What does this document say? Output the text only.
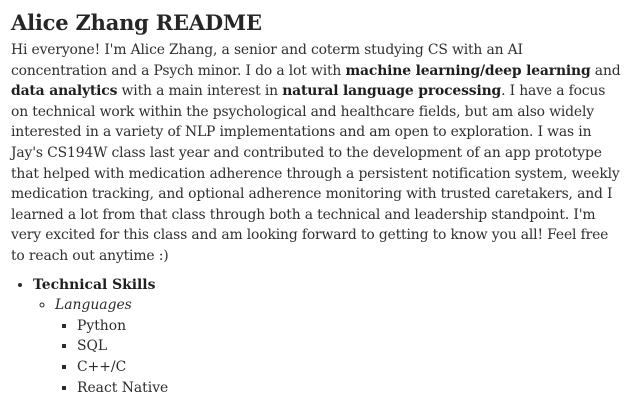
Alice Zhang README

Hi everyone! I'm Alice Zhang, a senior and coterm studying CS with an AI concentration and a Psych minor. I do a lot with machine learning/deep learning and data analytics with a main interest in natural language processing. I have a focus on technical work within the psychological and healthcare fields, but am also widely interested in a variety of NLP implementations and am open to exploration. I was in Jay's CS194W class last year and contributed to the development of an app prototype that helped with medication adherence through a persistent notification system, weekly medication tracking, and optional adherence monitoring with trusted caretakers, and I learned a lot from that class through both a technical and leadership standpoint. I'm very excited for this class and am looking forward to getting to know you all! Feel free to reach out anytime :)

• Technical Skills
◦ Languages
▪ Python
▪ SQL
▪ C++/C
▪ React Native
